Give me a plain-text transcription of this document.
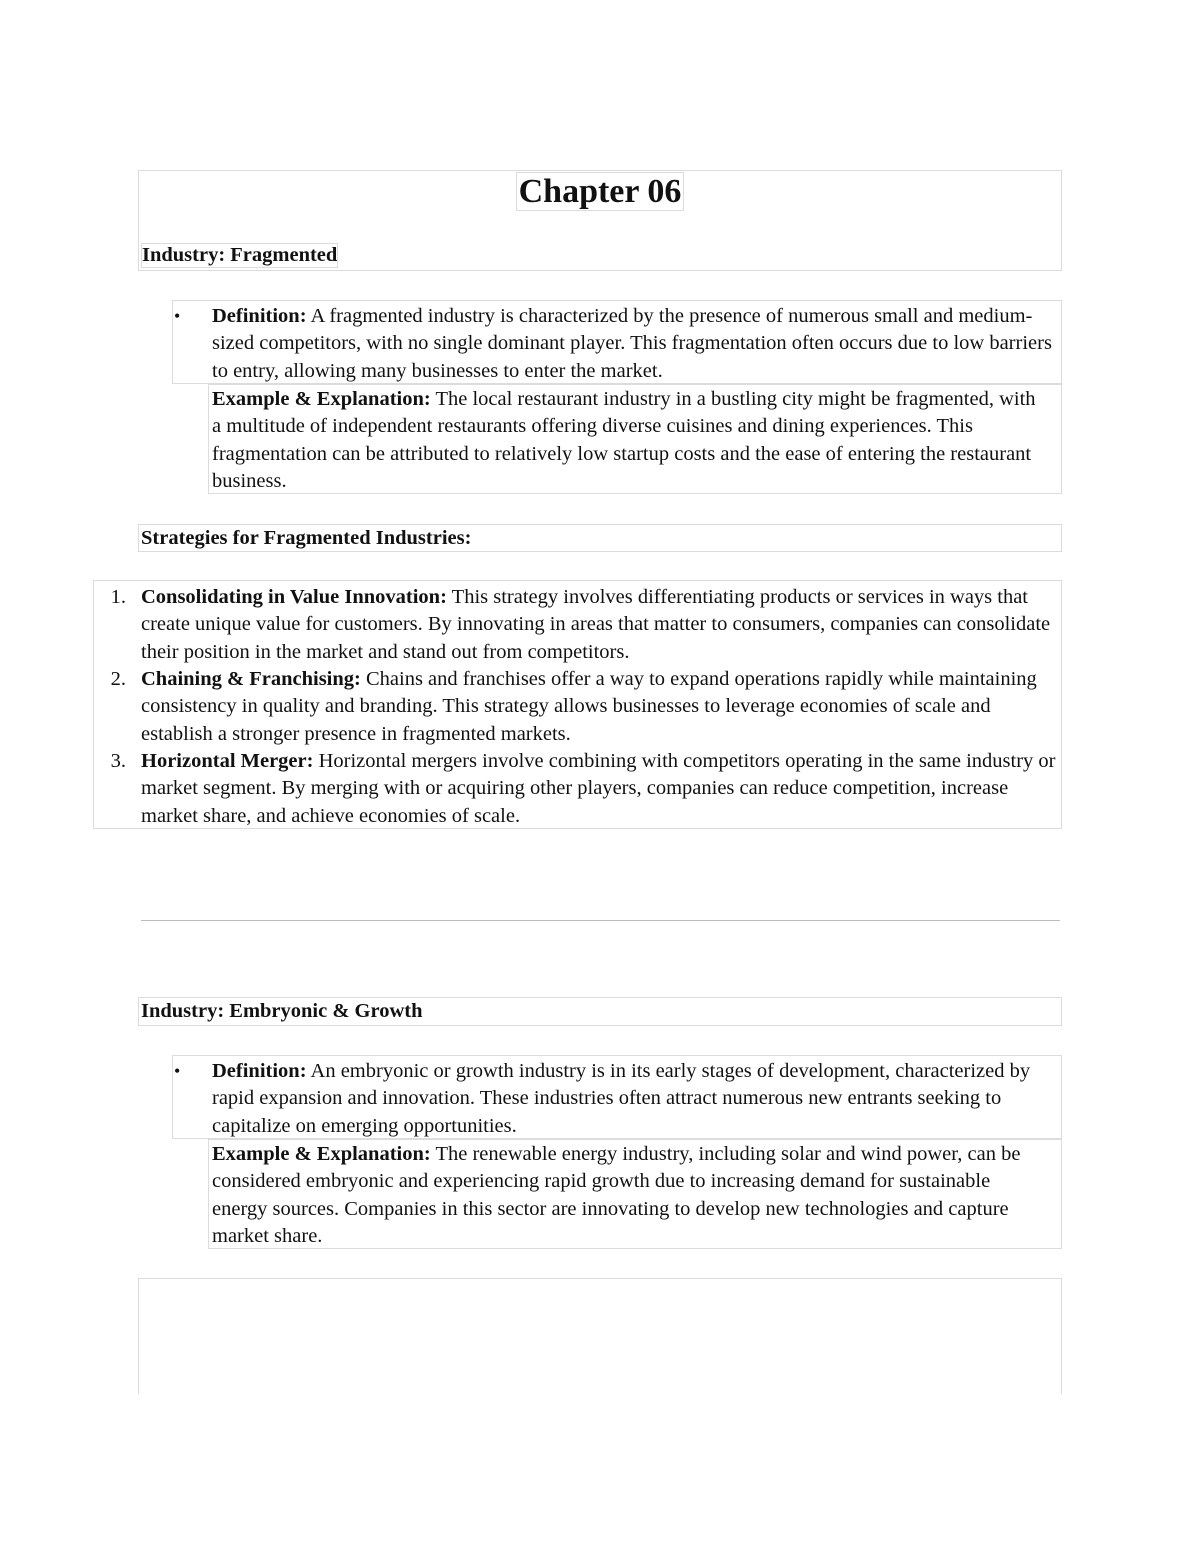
Chapter 06
Industry: Fragmented
• Definition: A fragmented industry is characterized by the presence of numerous small and medium-sized competitors, with no single dominant player. This fragmentation often occurs due to low barriers to entry, allowing many businesses to enter the market.
Example & Explanation: The local restaurant industry in a bustling city might be fragmented, with a multitude of independent restaurants offering diverse cuisines and dining experiences. This fragmentation can be attributed to relatively low startup costs and the ease of entering the restaurant business.
Strategies for Fragmented Industries:
1. Consolidating in Value Innovation: This strategy involves differentiating products or services in ways that create unique value for customers. By innovating in areas that matter to consumers, companies can consolidate their position in the market and stand out from competitors.
2. Chaining & Franchising: Chains and franchises offer a way to expand operations rapidly while maintaining consistency in quality and branding. This strategy allows businesses to leverage economies of scale and establish a stronger presence in fragmented markets.
3. Horizontal Merger: Horizontal mergers involve combining with competitors operating in the same industry or market segment. By merging with or acquiring other players, companies can reduce competition, increase market share, and achieve economies of scale.
Industry: Embryonic & Growth
• Definition: An embryonic or growth industry is in its early stages of development, characterized by rapid expansion and innovation. These industries often attract numerous new entrants seeking to capitalize on emerging opportunities.
Example & Explanation: The renewable energy industry, including solar and wind power, can be considered embryonic and experiencing rapid growth due to increasing demand for sustainable energy sources. Companies in this sector are innovating to develop new technologies and capture market share.
